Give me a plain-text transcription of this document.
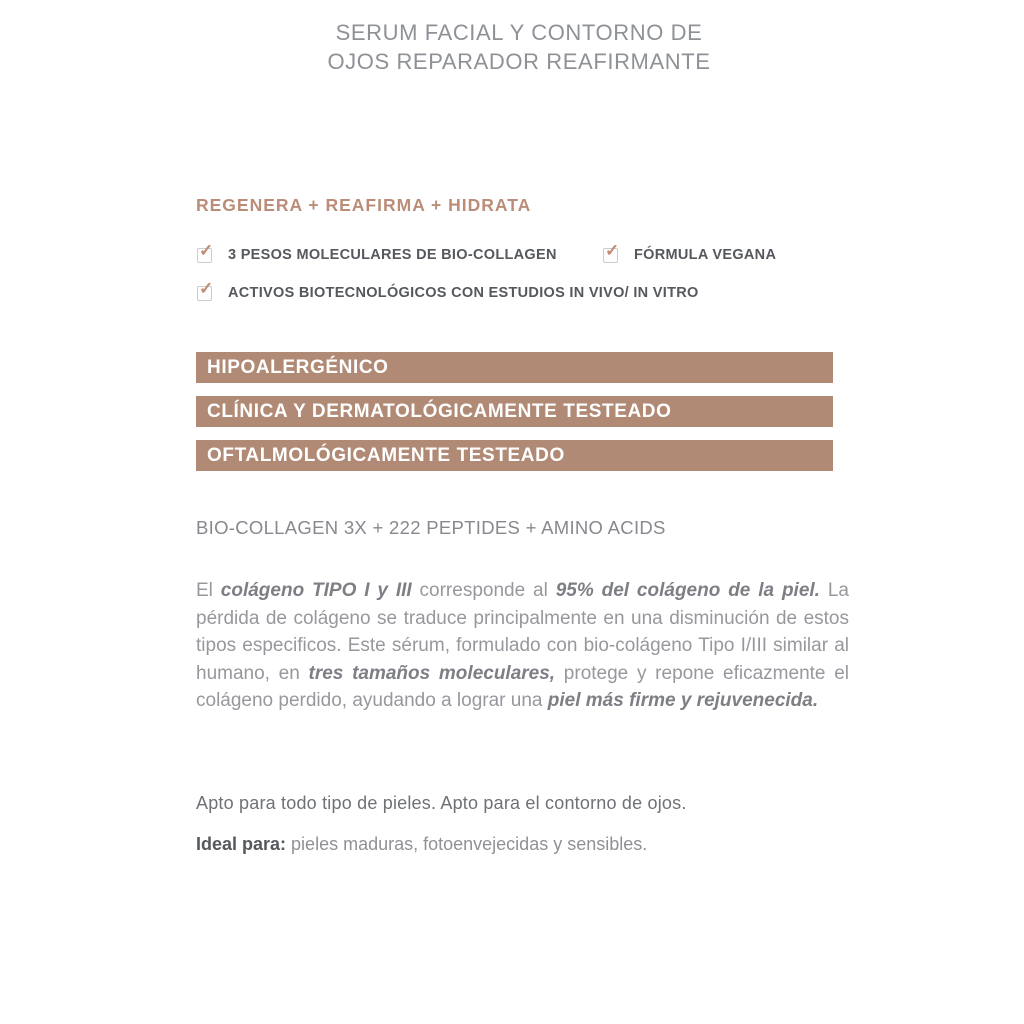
SERUM FACIAL Y CONTORNO DE
OJOS REPARADOR REAFIRMANTE
REGENERA + REAFIRMA + HIDRATA
✓ 3 PESOS MOLECULARES DE BIO-COLLAGEN	✓ FÓRMULA VEGANA
✓ ACTIVOS BIOTECNOLÓGICOS CON ESTUDIOS IN VIVO/ IN VITRO
HIPOALERGÉNICO
CLÍNICA Y DERMATOLÓGICAMENTE TESTEADO
OFTALMOLÓGICAMENTE TESTEADO
BIO-COLLAGEN 3X + 222 PEPTIDES + AMINO ACIDS
El colágeno TIPO I y III corresponde al 95% del colágeno de la piel. La pérdida de colágeno se traduce principalmente en una disminución de estos tipos especificos. Este sérum, formulado con bio-colágeno Tipo I/III similar al humano, en tres tamaños moleculares, protege y repone eficazmente el colágeno perdido, ayudando a lograr una piel más firme y rejuvenecida.
Apto para todo tipo de pieles. Apto para el contorno de ojos.
Ideal para: pieles maduras, fotoenvejecidas y sensibles.
